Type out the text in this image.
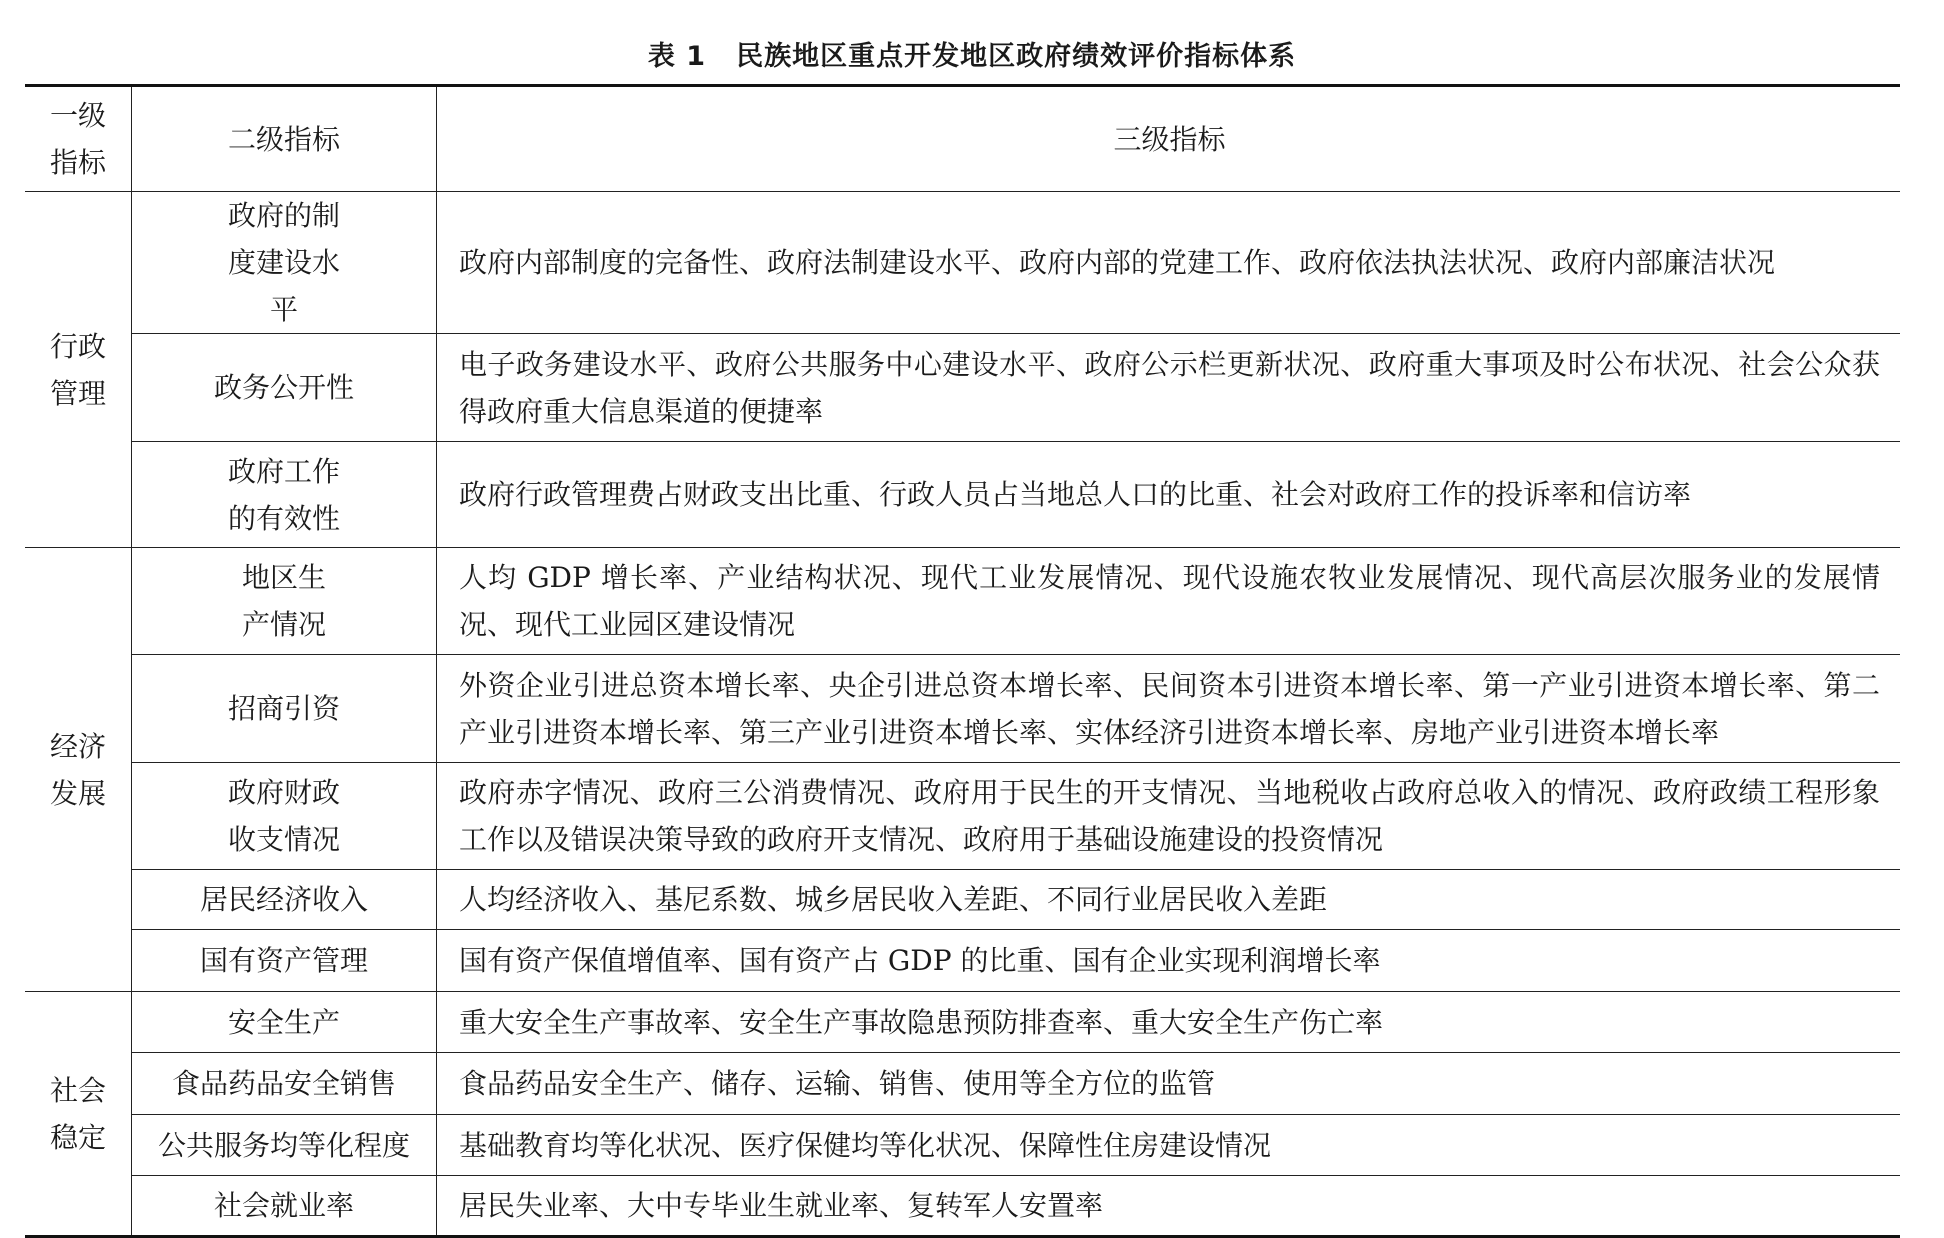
表 1 民族地区重点开发地区政府绩效评价指标体系
一级指标	二级指标	三级指标
行政管理	政府的制度建设水平	政府内部制度的完备性、政府法制建设水平、政府内部的党建工作、政府依法执法状况、政府内部廉洁状况
	政务公开性	电子政务建设水平、政府公共服务中心建设水平、政府公示栏更新状况、政府重大事项及时公布状况、社会公众获得政府重大信息渠道的便捷率
	政府工作的有效性	政府行政管理费占财政支出比重、行政人员占当地总人口的比重、社会对政府工作的投诉率和信访率
经济发展	地区生产情况	人均 GDP 增长率、产业结构状况、现代工业发展情况、现代设施农牧业发展情况、现代高层次服务业的发展情况、现代工业园区建设情况
	招商引资	外资企业引进总资本增长率、央企引进总资本增长率、民间资本引进资本增长率、第一产业引进资本增长率、第二产业引进资本增长率、第三产业引进资本增长率、实体经济引进资本增长率、房地产业引进资本增长率
	政府财政收支情况	政府赤字情况、政府三公消费情况、政府用于民生的开支情况、当地税收占政府总收入的情况、政府政绩工程形象工作以及错误决策导致的政府开支情况、政府用于基础设施建设的投资情况
	居民经济收入	人均经济收入、基尼系数、城乡居民收入差距、不同行业居民收入差距
	国有资产管理	国有资产保值增值率、国有资产占 GDP 的比重、国有企业实现利润增长率
社会稳定	安全生产	重大安全生产事故率、安全生产事故隐患预防排查率、重大安全生产伤亡率
	食品药品安全销售	食品药品安全生产、储存、运输、销售、使用等全方位的监管
	公共服务均等化程度	基础教育均等化状况、医疗保健均等化状况、保障性住房建设情况
	社会就业率	居民失业率、大中专毕业生就业率、复转军人安置率
